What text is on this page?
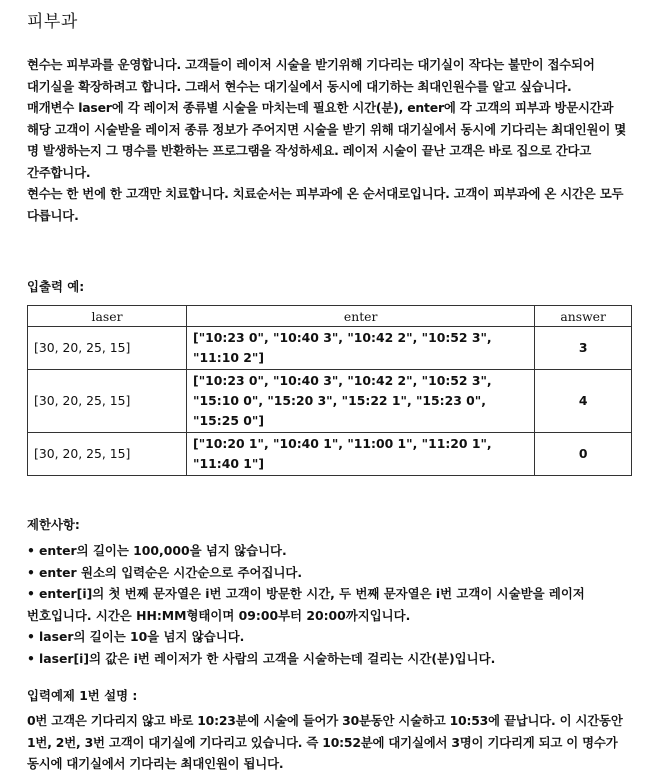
피부과

현수는 피부과를 운영합니다. 고객들이 레이저 시술을 받기위해 기다리는 대기실이 작다는 불만이 접수되어 대기실을 확장하려고 합니다. 그래서 현수는 대기실에서 동시에 대기하는 최대인원수를 알고 싶습니다.

매개변수 laser에 각 레이저 종류별 시술을 마치는데 필요한 시간(분), enter에 각 고객의 피부과 방문시간과 해당 고객이 시술받을 레이저 종류 정보가 주어지면 시술을 받기 위해 대기실에서 동시에 기다리는 최대인원이 몇 명 발생하는지 그 명수를 반환하는 프로그램을 작성하세요. 레이저 시술이 끝난 고객은 바로 집으로 간다고 간주합니다.

현수는 한 번에 한 고객만 치료합니다. 치료순서는 피부과에 온 순서대로입니다. 고객이 피부과에 온 시간은 모두 다릅니다.

입출력 예:

laser	enter	answer
[30, 20, 25, 15]	["10:23 0", "10:40 3", "10:42 2", "10:52 3",
"11:10 2"]	3
[30, 20, 25, 15]	["10:23 0", "10:40 3", "10:42 2", "10:52 3",
"15:10 0", "15:20 3", "15:22 1", "15:23 0",
"15:25 0"]	4
[30, 20, 25, 15]	["10:20 1", "10:40 1", "11:00 1", "11:20 1",
"11:40 1"]	0

제한사항:

• enter의 길이는 100,000을 넘지 않습니다.
• enter 원소의 입력순은 시간순으로 주어집니다.
• enter[i]의 첫 번째 문자열은 i번 고객이 방문한 시간, 두 번째 문자열은 i번 고객이 시술받을 레이저 번호입니다. 시간은 HH:MM형태이며 09:00부터 20:00까지입니다.
• laser의 길이는 10을 넘지 않습니다.
• laser[i]의 값은 i번 레이저가 한 사람의 고객을 시술하는데 걸리는 시간(분)입니다.

입력예제 1번 설명 :

0번 고객은 기다리지 않고 바로 10:23분에 시술에 들어가 30분동안 시술하고 10:53에 끝납니다. 이 시간동안 1번, 2번, 3번 고객이 대기실에 기다리고 있습니다. 즉 10:52분에 대기실에서 3명이 기다리게 되고 이 명수가 동시에 대기실에서 기다리는 최대인원이 됩니다.
